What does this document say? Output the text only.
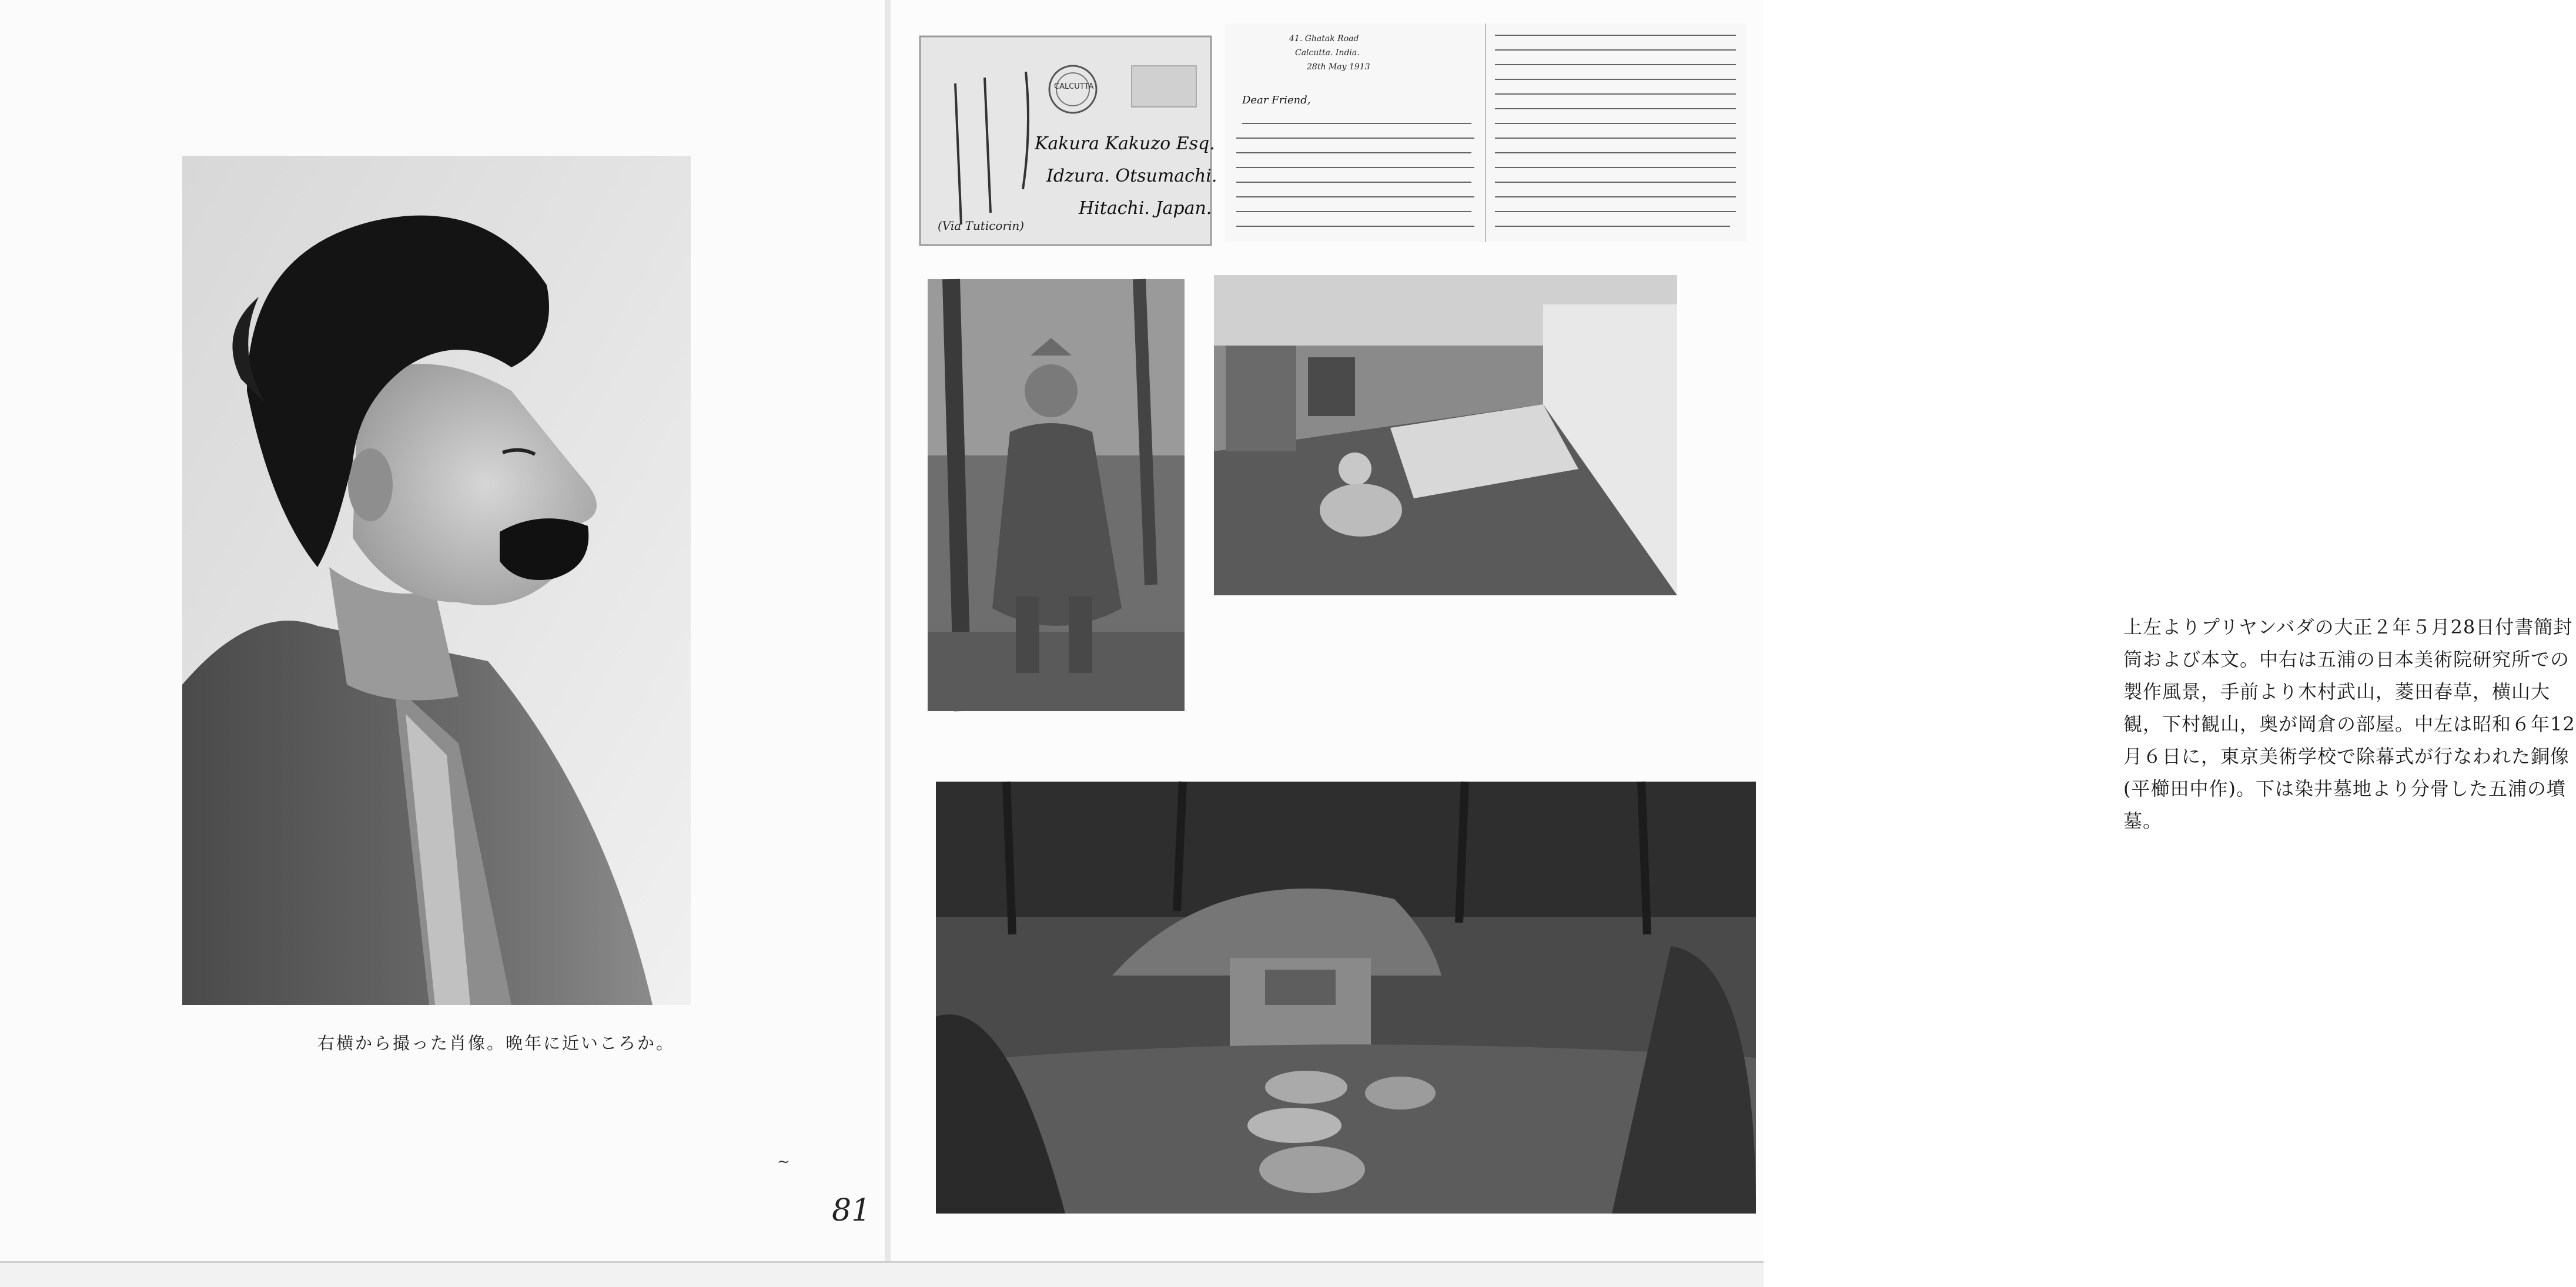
右横から撮った肖像。晩年に近いころか。
~
81
CALCUTTA
Kakura Kakuzo Esq.
Idzura. Otsumachi.
Hitachi. Japan.
(Via Tuticorin)
41. Ghatak Road
Calcutta. India.
28th May 1913
Dear Friend,
上左よりプリヤンバダの大正２年５月28日付書簡封筒および本文。中右は五浦の日本美術院研究所での製作風景，手前より木村武山，菱田春草，横山大観，下村観山，奥が岡倉の部屋。中左は昭和６年12月６日に，東京美術学校で除幕式が行なわれた銅像(平櫛田中作)。下は染井墓地より分骨した五浦の墳墓。
